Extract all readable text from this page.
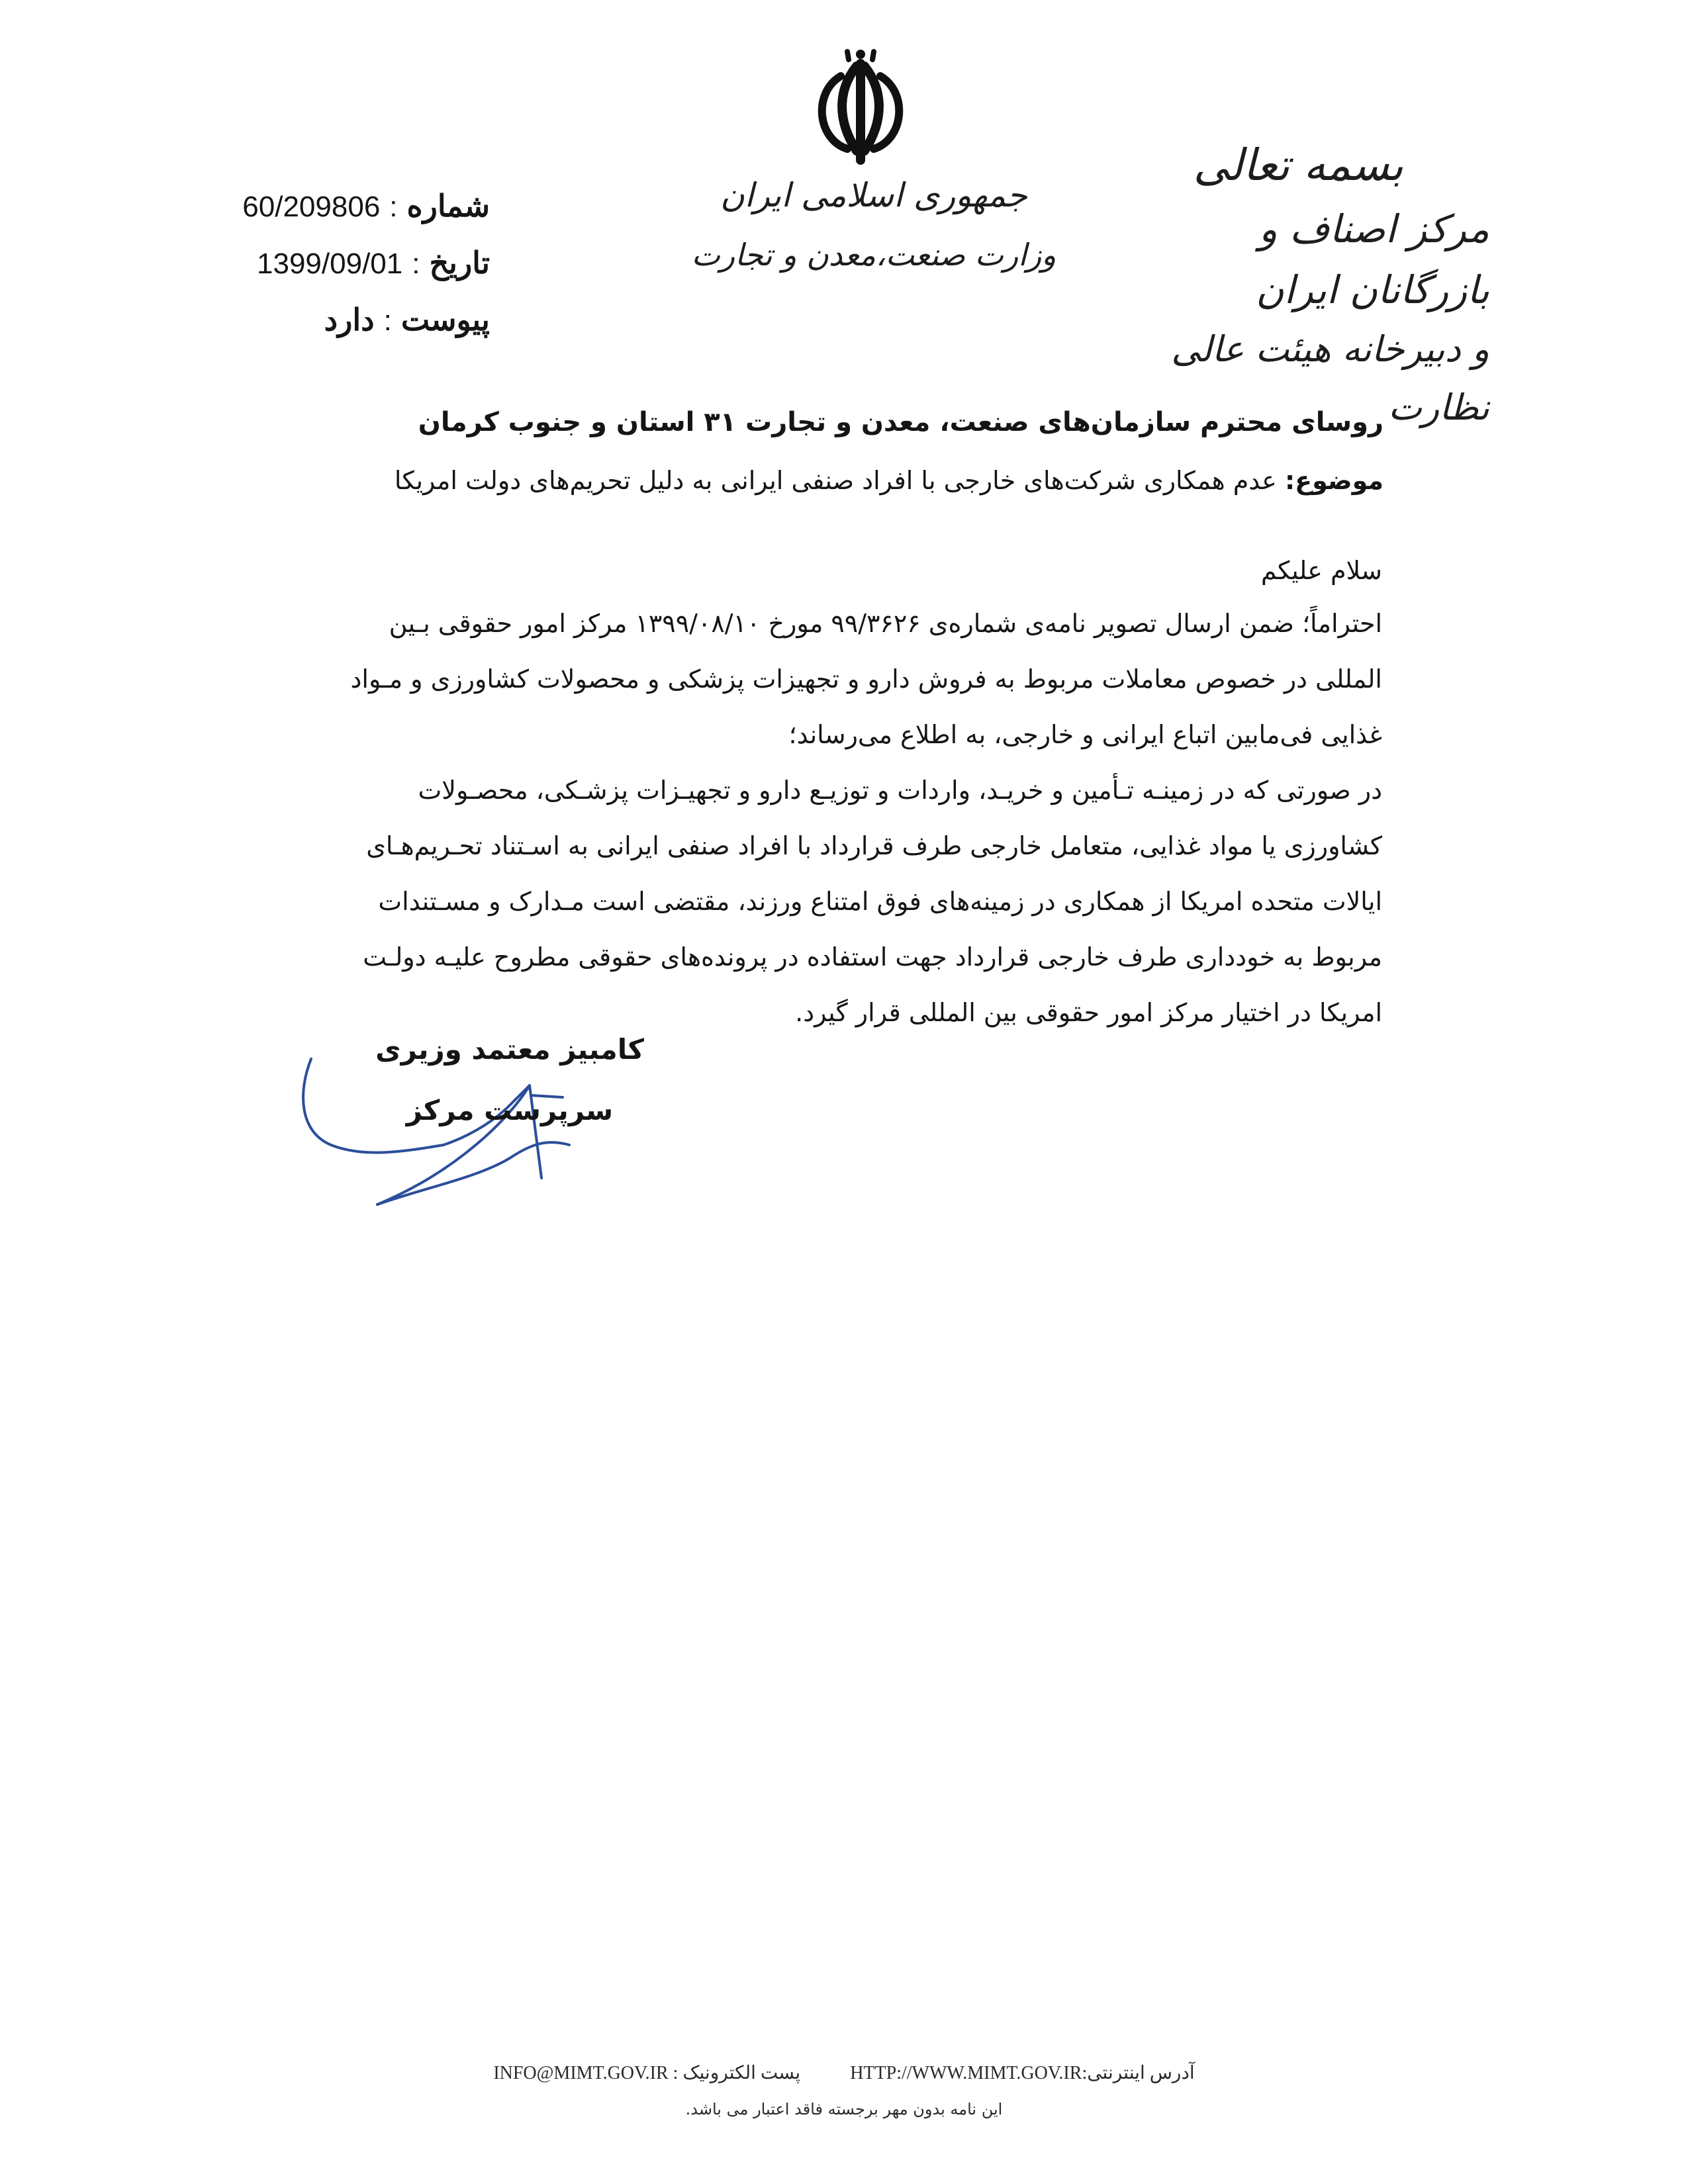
بسمه تعالی
مرکز اصناف و بازرگانان ایران
و دبیرخانه هیئت عالی نظارت
جمهوری اسلامی ایران
وزارت صنعت،معدن و تجارت
شماره:60/209806
تاریخ:1399/09/01
پیوست:دارد
روسای محترم سازمان‌های صنعت، معدن و تجارت ۳۱ استان و جنوب کرمان
موضوع: عدم همکاری شرکت‌های خارجی با افراد صنفی ایرانی به دلیل تحریم‌های دولت امریکا
سلام علیکم
احتراماً؛ ضمن ارسال تصویر نامه‌ی شماره‌ی ۹۹/۳۶۲۶ مورخ ۱۳۹۹/۰۸/۱۰ مرکز امور حقوقی بـین
المللی در خصوص معاملات مربوط به فروش دارو و تجهیزات پزشکی و محصولات کشاورزی و مـواد
غذایی فی‌مابین اتباع ایرانی و خارجی، به اطلاع می‌رساند؛
در صورتی که در زمینـه تـأمین و خریـد، واردات و توزیـع دارو و تجهیـزات پزشـکی، محصـولات
کشاورزی یا مواد غذایی، متعامل خارجی طرف قرارداد با افراد صنفی ایرانی به اسـتناد تحـریم‌هـای
ایالات متحده امریکا از همکاری در زمینه‌های فوق امتناع ورزند، مقتضی است مـدارک و مسـتندات
مربوط به خودداری طرف خارجی قرارداد جهت استفاده در پرونده‌های حقوقی مطروح علیـه دولـت
امریکا در اختیار مرکز امور حقوقی بین المللی قرار گیرد.
کامبیز معتمد وزیری
سرپرست مرکز
آدرس اینترنتی:HTTP://WWW.MIMT.GOV.IR پست الکترونیک : INFO@MIMT.GOV.IR
این نامه بدون مهر برجسته فاقد اعتبار می باشد.
